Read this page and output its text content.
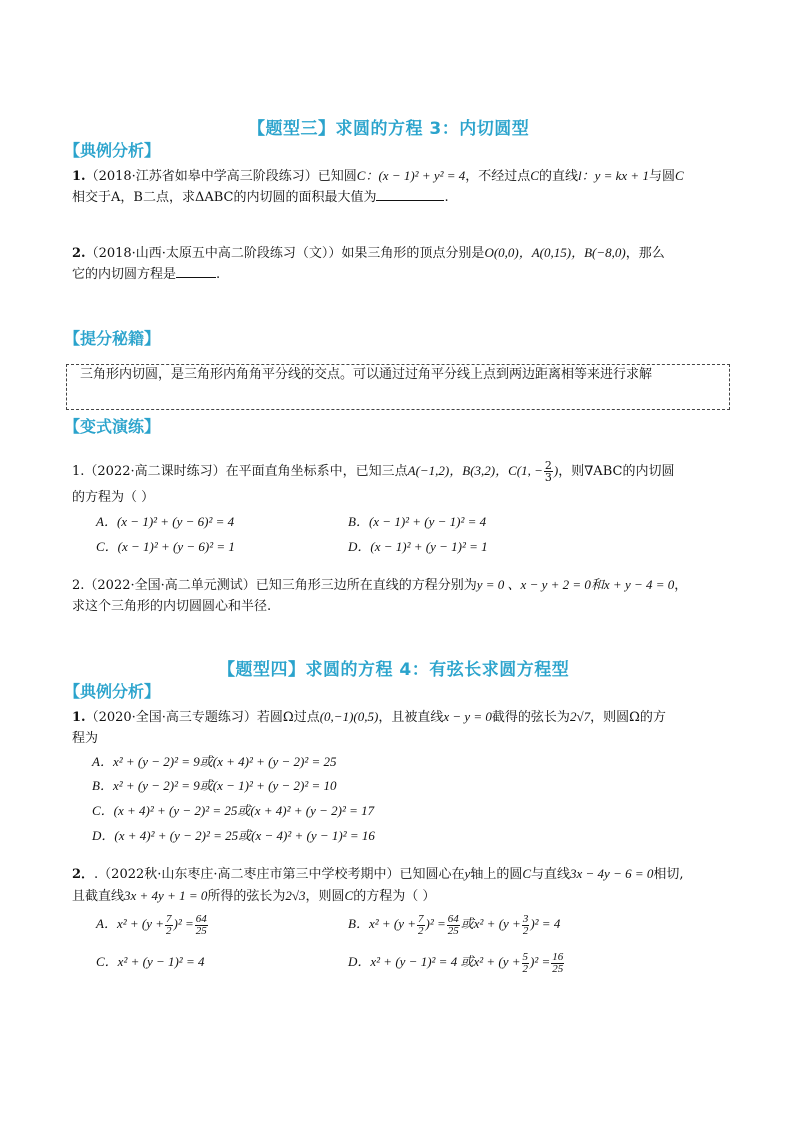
【题型三】求圆的方程 3：内切圆型
【典例分析】
1.（2018·江苏省如皋中学高三阶段练习）已知圆C：(x − 1)² + y² = 4，不经过点C的直线l：y = kx + 1与圆C
相交于A，B二点，求ΔABC的内切圆的面积最大值为	.
2.（2018·山西·太原五中高二阶段练习（文））如果三角形的顶点分别是O(0,0)，A(0,15)，B(−8,0)，那么
它的内切圆方程是	.
【提分秘籍】
三角形内切圆，是三角形内角角平分线的交点。可以通过过角平分线上点到两边距离相等来进行求解
【变式演练】
1.（2022·高二课时练习）在平面直角坐标系中，已知三点A(−1,2)，B(3,2)，C(1, − $\frac{2}{3}$ )，则∇ABC的内切圆
的方程为（ ）
A．(x − 1)² + (y − 6)² = 4	B．(x − 1)² + (y − 1)² = 4
C．(x − 1)² + (y − 6)² = 1	D．(x − 1)² + (y − 1)² = 1
2.（2022·全国·高二单元测试）已知三角形三边所在直线的方程分别为y = 0 、x − y + 2 = 0和x + y − 4 = 0，
求这个三角形的内切圆圆心和半径.
【题型四】求圆的方程 4：有弦长求圆方程型
【典例分析】
1.（2020·全国·高三专题练习）若圆Ω过点(0,−1)(0,5)，且被直线x − y = 0截得的弦长为2√7，则圆Ω的方
程为
A．x² + (y − 2)² = 9或(x + 4)² + (y − 2)² = 25
B．x² + (y − 2)² = 9或(x − 1)² + (y − 2)² = 10
C．(x + 4)² + (y − 2)² = 25或(x + 4)² + (y − 2)² = 17
D．(x + 4)² + (y − 2)² = 25或(x − 4)² + (y − 1)² = 16
2．.（2022秋·山东枣庄·高二枣庄市第三中学校考期中）已知圆心在y轴上的圆C与直线3x − 4y − 6 = 0相切,
且截直线3x + 4y + 1 = 0所得的弦长为2√3，则圆C的方程为（ ）
A．$x^2 + (y + \frac{7}{2} )^2 = \frac{64}{25}$	B．$x^2 + (y + \frac{7}{2} )^2 = \frac{64}{25}$ 或$x^2 + (y + \frac{3}{2} )^2 = 4$
C．x² + (y − 1)² = 4	D．x² + (y − 1)² = 4 或$x^2 + (y + \frac{5}{2} )^2 = \frac{16}{25}$
